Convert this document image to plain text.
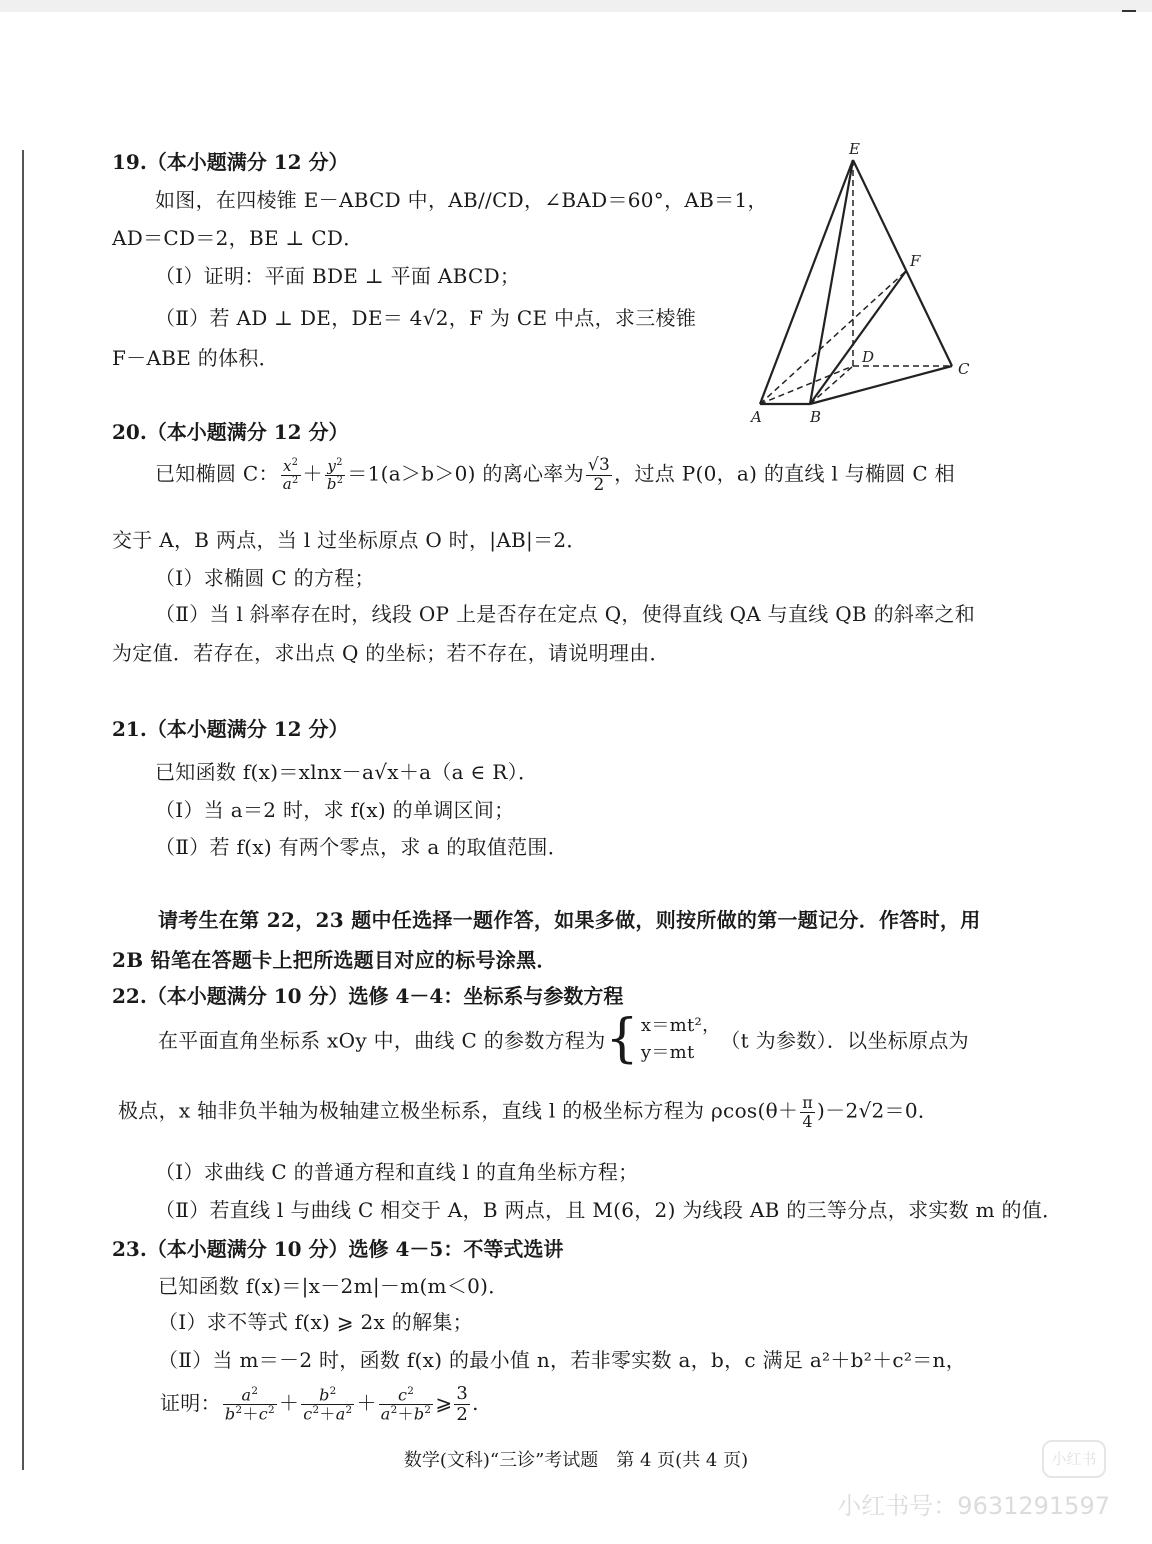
19.（本小题满分 12 分）
如图，在四棱锥 E－ABCD 中，AB//CD，∠BAD＝60°，AB＝1，
AD＝CD＝2，BE ⊥ CD．
（Ⅰ）证明：平面 BDE ⊥ 平面 ABCD；
（Ⅱ）若 AD ⊥ DE，DE＝ 4√2，F 为 CE 中点，求三棱锥
F－ABE 的体积．
E
F
D
C
A	B
20.（本小题满分 12 分）
已知椭圆 C： $\frac{x^2}{a^2} + \frac{y^2}{b^2} =1(a>b>0)$ 的离心率为 $\frac{√3}{2}$ ，过点 P(0，a) 的直线 l 与椭圆 C 相
交于 A，B 两点，当 l 过坐标原点 O 时，|AB|＝2．
（Ⅰ）求椭圆 C 的方程；
（Ⅱ）当 l 斜率存在时，线段 OP 上是否存在定点 Q，使得直线 QA 与直线 QB 的斜率之和
为定值．若存在，求出点 Q 的坐标；若不存在，请说明理由．
21.（本小题满分 12 分）
已知函数 f(x)＝xlnx－a√x＋a（a ∈ R）．
（Ⅰ）当 a＝2 时，求 f(x) 的单调区间；
（Ⅱ）若 f(x) 有两个零点，求 a 的取值范围．
请考生在第 22，23 题中任选择一题作答，如果多做，则按所做的第一题记分．作答时，用
2B 铅笔在答题卡上把所选题目对应的标号涂黑．
22.（本小题满分 10 分）选修 4－4：坐标系与参数方程
在平面直角坐标系 xOy 中，曲线 C 的参数方程为{ x＝mt²，
y＝mt	（t 为参数）．以坐标原点为
极点，x 轴非负半轴为极轴建立极坐标系，直线 l 的极坐标方程为 $\rho\cos(\theta+ \frac{\pi}{4} )-2√2=0$．
（Ⅰ）求曲线 C 的普通方程和直线 l 的直角坐标方程；
（Ⅱ）若直线 l 与曲线 C 相交于 A，B 两点，且 M(6，2) 为线段 AB 的三等分点，求实数 m 的值．
23.（本小题满分 10 分）选修 4－5：不等式选讲
已知函数 f(x)＝|x－2m|－m(m＜0)．
（Ⅰ）求不等式 f(x) ⩾ 2x 的解集；
（Ⅱ）当 m＝－2 时，函数 f(x) 的最小值 n，若非零实数 a，b，c 满足 a²＋b²＋c²＝n，
证明： $\frac{a^2}{b^2+c^2} + \frac{b^2}{c^2+a^2} + \frac{c^2}{a^2+b^2}$ ⩾ $\frac{3}{2}$ .
数学(文科)“三诊”考试题　第 4 页(共 4 页)	小红书
小红书号：9631291597
